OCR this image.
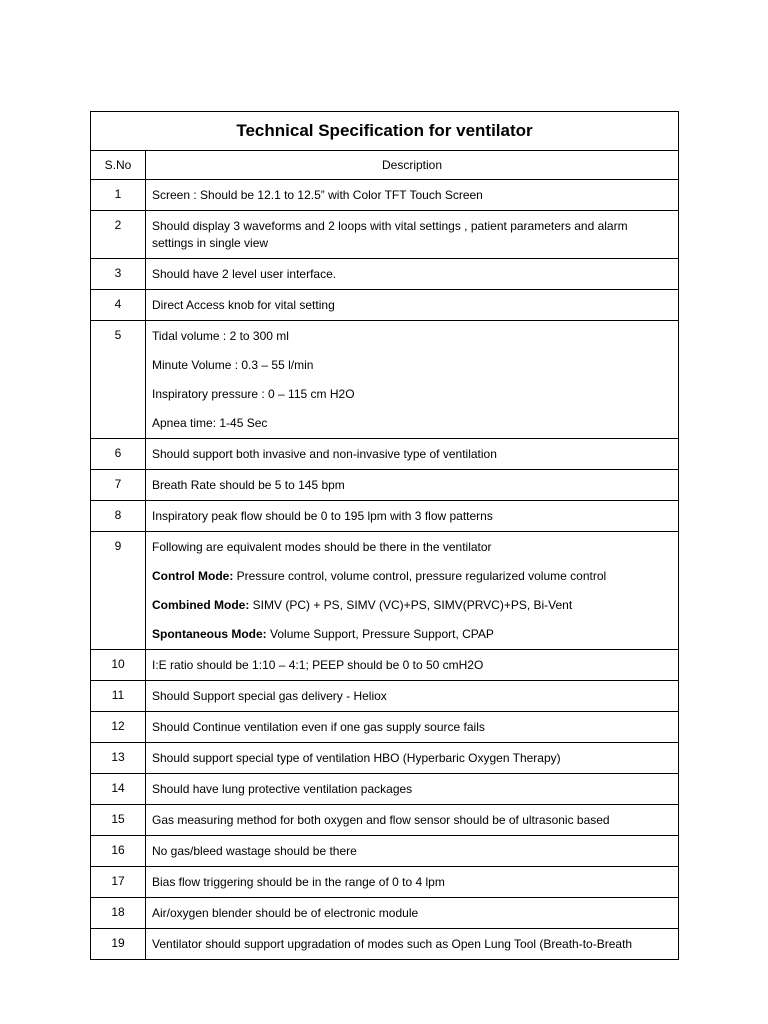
Technical Specification for ventilator	
S.No	Description
1	Screen : Should be 12.1 to 12.5” with Color TFT Touch Screen

2	Should display 3 waveforms and 2 loops with vital settings , patient parameters and alarm settings in single view

3	Should have 2 level user interface.

4	Direct Access knob for vital setting

5	Tidal volume : 2 to 300 ml

Minute Volume : 0.3 – 55 l/min

Inspiratory pressure : 0 – 115 cm H2O

Apnea time: 1-45 Sec

6	Should support both invasive and non-invasive type of ventilation

7	Breath Rate should be 5 to 145 bpm

8	Inspiratory peak flow should be 0 to 195 lpm with 3 flow patterns

9	Following are equivalent modes should be there in the ventilator

Control Mode: Pressure control, volume control, pressure regularized volume control

Combined Mode: SIMV (PC) + PS, SIMV (VC)+PS, SIMV(PRVC)+PS, Bi-Vent

Spontaneous Mode: Volume Support, Pressure Support, CPAP

10	I:E ratio should be 1:10 – 4:1; PEEP should be 0 to 50 cmH2O

11	Should Support special gas delivery - Heliox

12	Should Continue ventilation even if one gas supply source fails

13	Should support special type of ventilation HBO (Hyperbaric Oxygen Therapy)

14	Should have lung protective ventilation packages

15	Gas measuring method for both oxygen and flow sensor should be of ultrasonic based

16	No gas/bleed wastage should be there

17	Bias flow triggering should be in the range of 0 to 4 lpm

18	Air/oxygen blender should be of electronic module

19	Ventilator should support upgradation of modes such as Open Lung Tool (Breath-to-Breath
